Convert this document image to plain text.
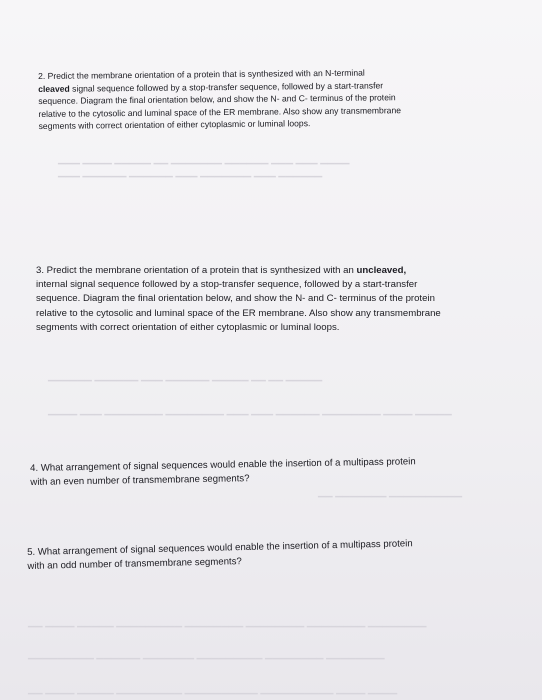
2. Predict the membrane orientation of a protein that is synthesized with an N-terminal

cleaved signal sequence followed by a stop-transfer sequence, followed by a start-transfer

sequence. Diagram the final orientation below, and show the N- and C- terminus of the protein

relative to the cytosolic and luminal space of the ER membrane. Also show any transmembrane

segments with correct orientation of either cytoplasmic or luminal loops.

3. Predict the membrane orientation of a protein that is synthesized with an uncleaved,

internal signal sequence followed by a stop-transfer sequence, followed by a start-transfer

sequence. Diagram the final orientation below, and show the N- and C- terminus of the protein

relative to the cytosolic and luminal space of the ER membrane. Also show any transmembrane

segments with correct orientation of either cytoplasmic or luminal loops.

4. What arrangement of signal sequences would enable the insertion of a multipass protein

with an even number of transmembrane segments?

5. What arrangement of signal sequences would enable the insertion of a multipass protein

with an odd number of transmembrane segments?

​▁▁▁ ▁▁▁▁ ▁▁▁▁▁ ▁▁ ▁▁▁▁▁▁▁ ▁▁▁▁▁▁ ▁▁▁ ▁▁▁ ▁▁▁▁
▁▁▁ ▁▁▁▁▁▁ ▁▁▁▁▁▁ ▁▁▁ ▁▁▁▁▁▁▁ ▁▁▁ ▁▁▁▁▁▁
▁▁▁▁▁▁ ▁▁▁▁▁▁ ▁▁▁ ▁▁▁▁▁▁ ▁▁▁▁▁ ▁▁ ▁▁ ▁▁▁▁▁
▁▁▁▁ ▁▁▁ ▁▁▁▁▁▁▁▁ ▁▁▁▁▁▁▁▁ ▁▁▁ ▁▁▁ ▁▁▁▁▁▁ ▁▁▁▁▁▁▁▁ ▁▁▁▁ ▁▁▁▁▁
▁▁ ▁▁▁▁▁▁▁ ▁▁▁▁▁▁▁▁▁▁
▁▁ ▁▁▁▁ ▁▁▁▁▁ ▁▁▁▁▁▁▁▁▁ ▁▁▁▁▁▁▁▁ ▁▁▁▁▁▁▁▁ ▁▁▁▁▁▁▁▁ ▁▁▁▁▁▁▁▁
▁▁▁▁▁▁▁▁▁ ▁▁▁▁▁▁ ▁▁▁▁▁▁▁ ▁▁▁▁▁▁▁▁▁ ▁▁▁▁▁▁▁▁ ▁▁▁▁▁▁▁▁
▁▁ ▁▁▁▁ ▁▁▁▁▁ ▁▁▁▁▁▁▁▁▁ ▁▁▁▁▁▁▁▁▁▁ ▁▁▁▁▁▁▁▁▁▁ ▁▁▁▁ ▁▁▁▁
